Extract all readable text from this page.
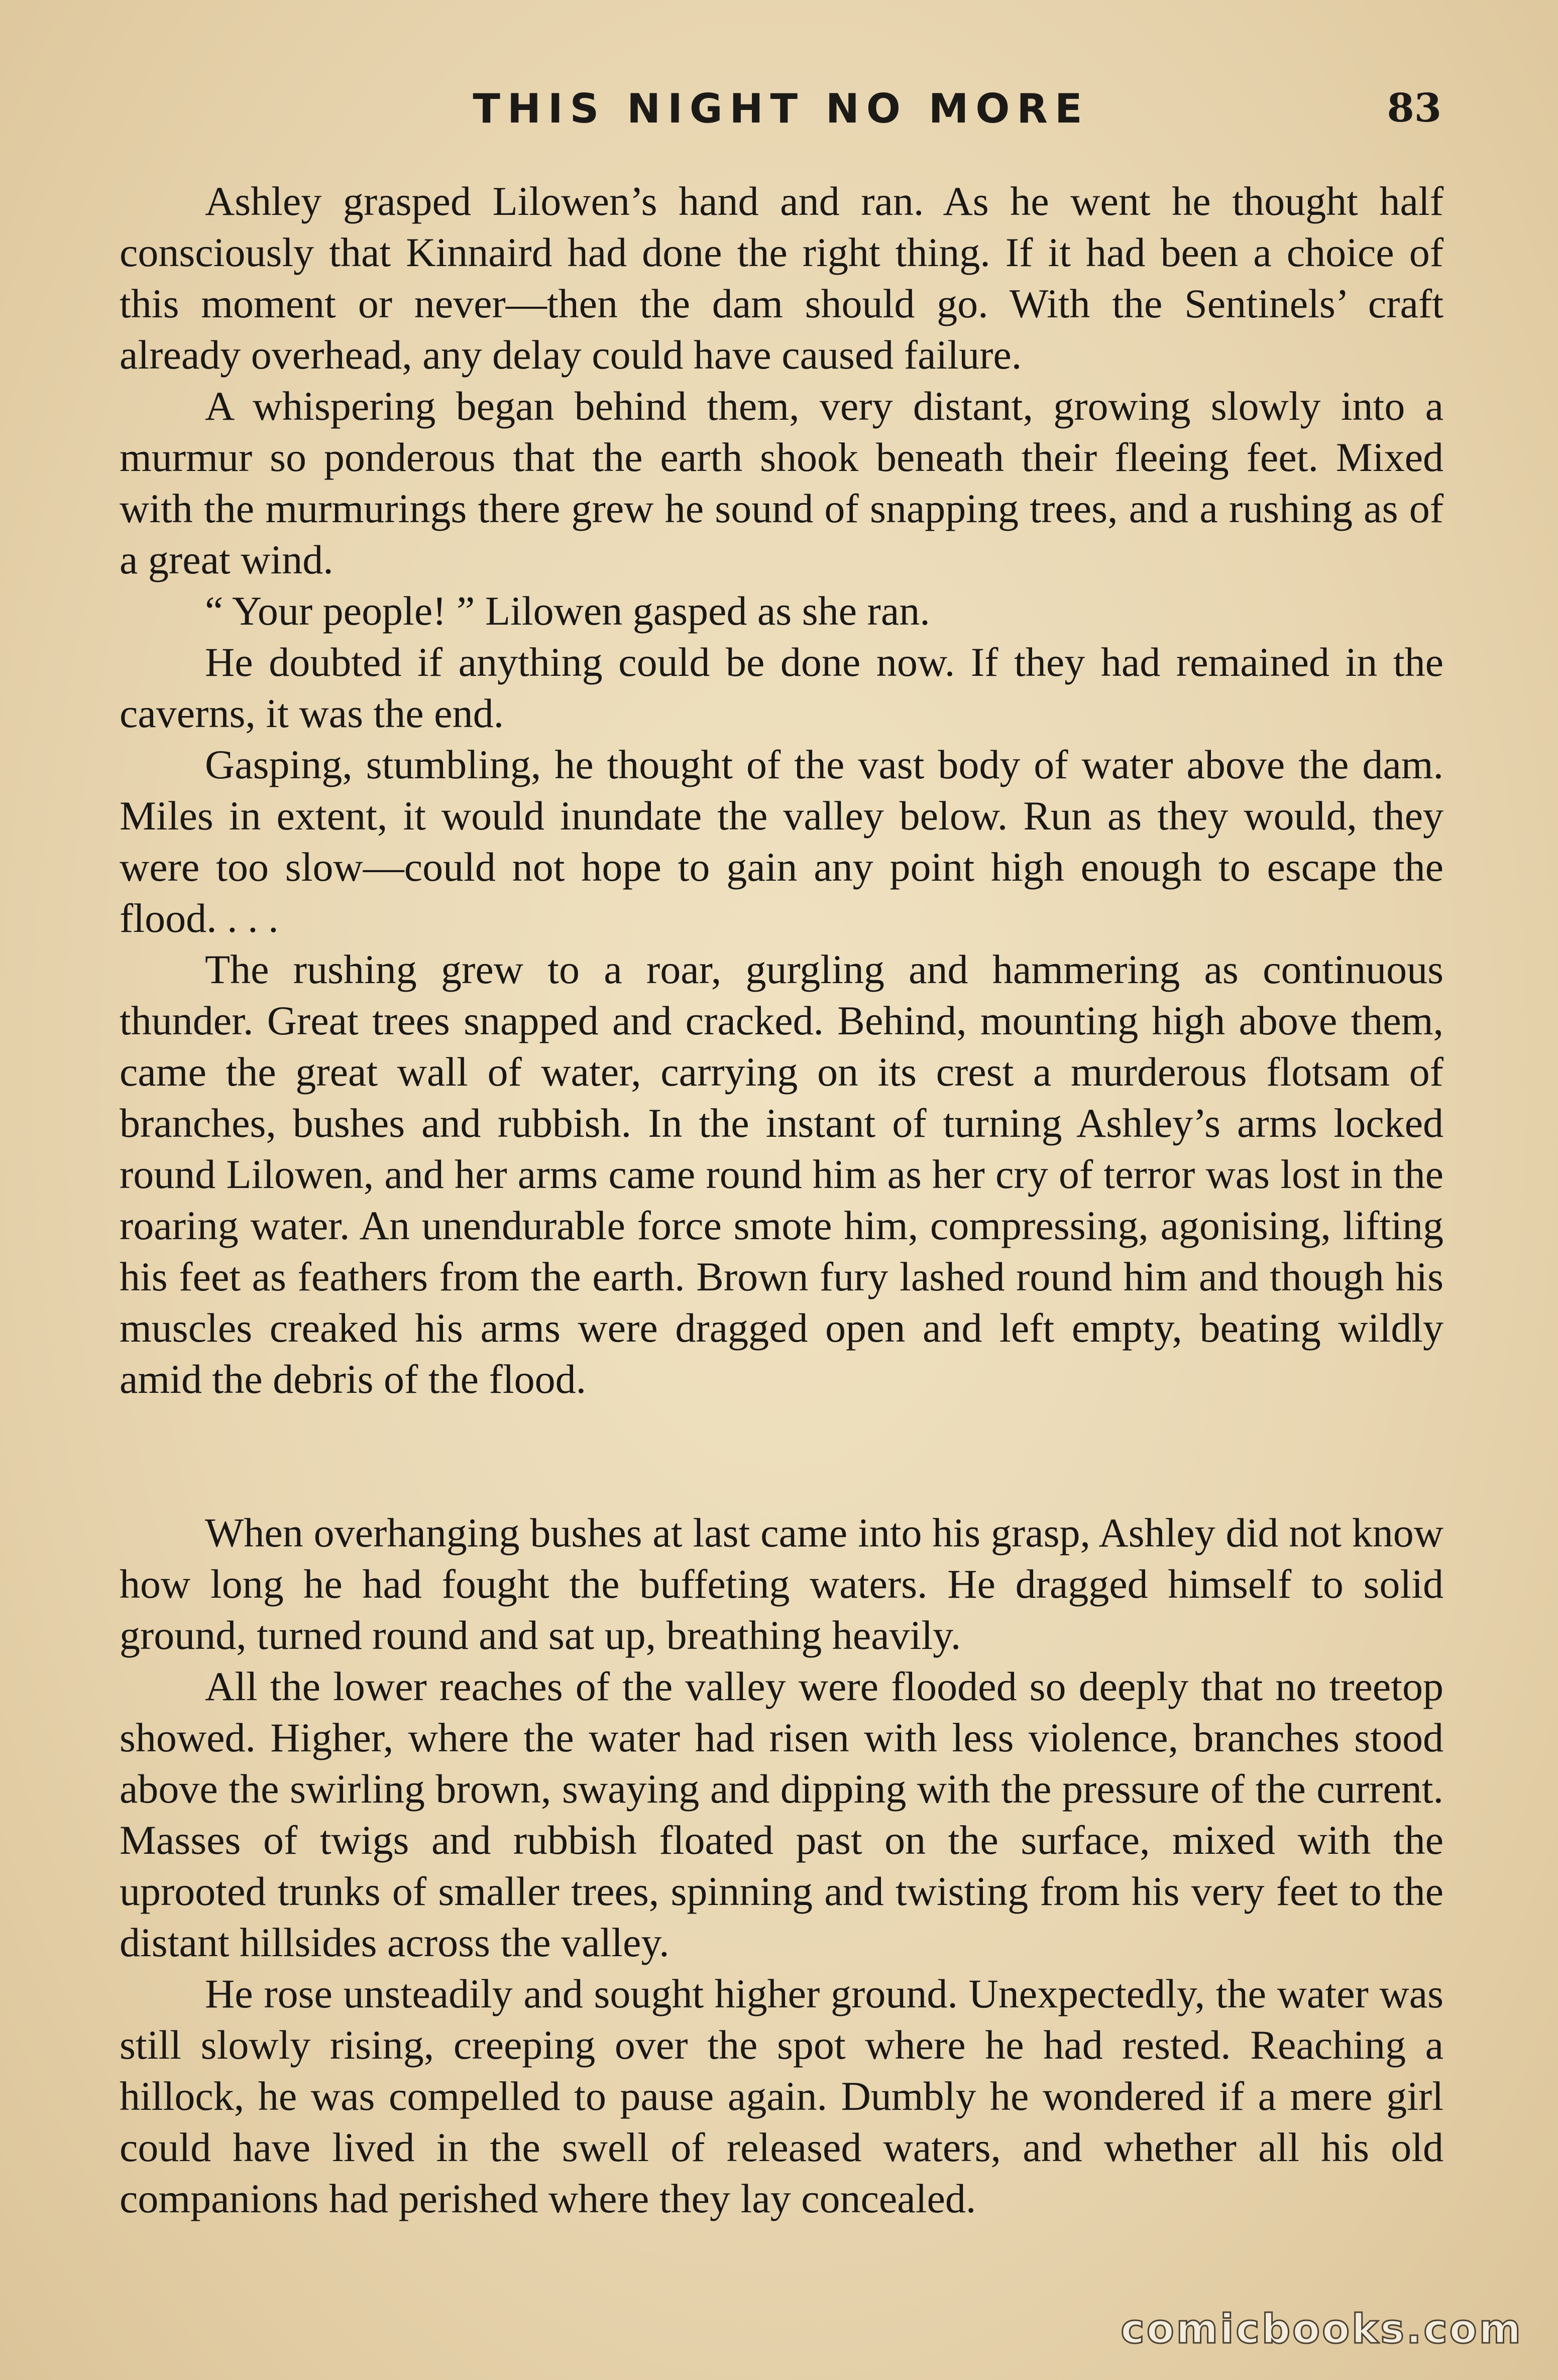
THIS NIGHT NO MORE	83

Ashley grasped Lilowen’s hand and ran. As he went he thought half consciously that Kinnaird had done the right thing. If it had been a choice of this moment or never—then the dam should go. With the Sentinels’ craft already overhead, any delay could have caused failure.

A whispering began behind them, very distant, growing slowly into a murmur so ponderous that the earth shook beneath their fleeing feet. Mixed with the murmurings there grew he sound of snapping trees, and a rushing as of a great wind.

“ Your people! ” Lilowen gasped as she ran.

He doubted if anything could be done now. If they had remained in the caverns, it was the end.

Gasping, stumbling, he thought of the vast body of water above the dam. Miles in extent, it would inundate the valley below. Run as they would, they were too slow—could not hope to gain any point high enough to escape the flood. . . .

The rushing grew to a roar, gurgling and hammering as continuous thunder. Great trees snapped and cracked. Behind, mounting high above them, came the great wall of water, carrying on its crest a murderous flotsam of branches, bushes and rubbish. In the instant of turning Ashley’s arms locked round Lilowen, and her arms came round him as her cry of terror was lost in the roaring water. An unendurable force smote him, compressing, agonising, lifting his feet as feathers from the earth. Brown fury lashed round him and though his muscles creaked his arms were dragged open and left empty, beating wildly amid the debris of the flood.

When overhanging bushes at last came into his grasp, Ashley did not know how long he had fought the buffeting waters. He dragged himself to solid ground, turned round and sat up, breathing heavily.

All the lower reaches of the valley were flooded so deeply that no treetop showed. Higher, where the water had risen with less violence, branches stood above the swirling brown, swaying and dipping with the pressure of the current. Masses of twigs and rubbish floated past on the surface, mixed with the uprooted trunks of smaller trees, spinning and twisting from his very feet to the distant hillsides across the valley.

He rose unsteadily and sought higher ground. Unexpectedly, the water was still slowly rising, creeping over the spot where he had rested. Reaching a hillock, he was compelled to pause again. Dumbly he wondered if a mere girl could have lived in the swell of released waters, and whether all his old companions had perished where they lay concealed.

comicbooks.com
